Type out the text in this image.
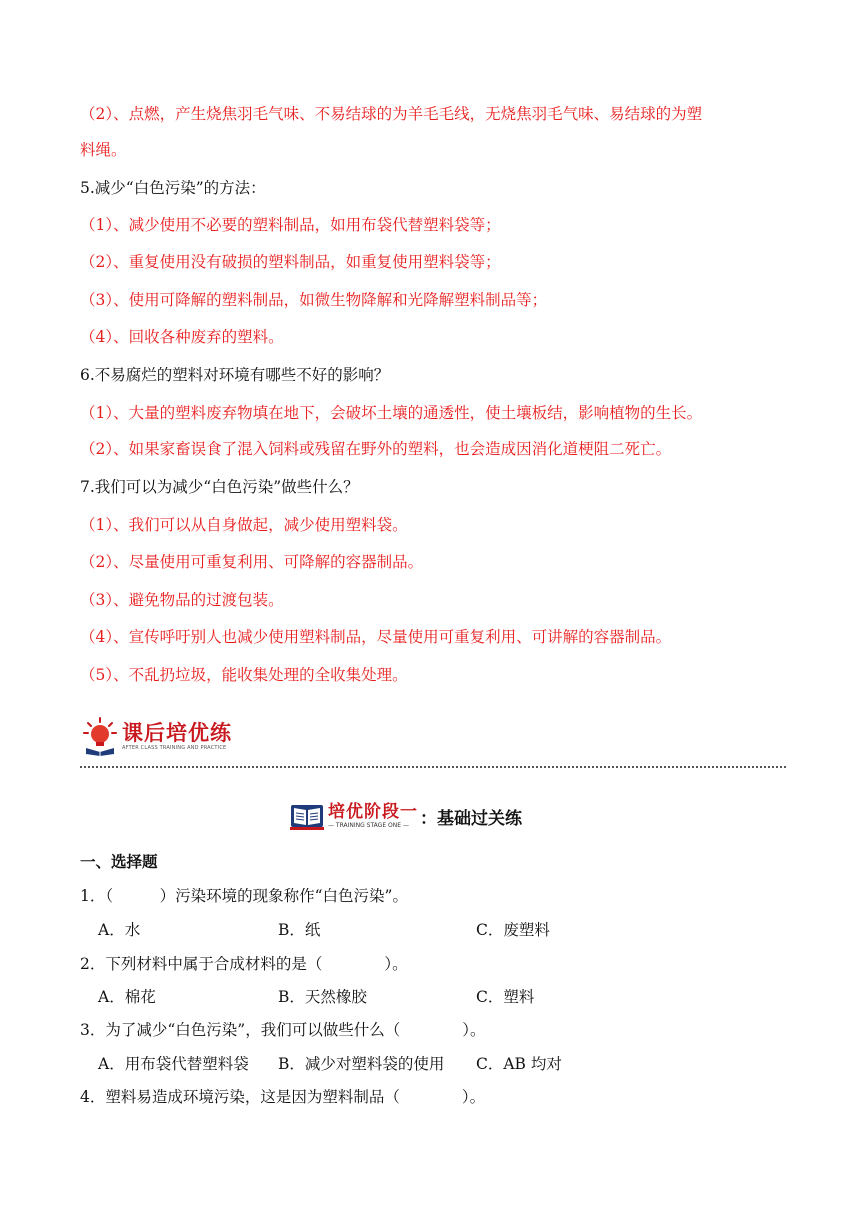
（2）、点燃，产生烧焦羽毛气味、不易结球的为羊毛毛线，无烧焦羽毛气味、易结球的为塑
料绳。
5.减少“白色污染”的方法：
（1）、减少使用不必要的塑料制品，如用布袋代替塑料袋等；
（2）、重复使用没有破损的塑料制品，如重复使用塑料袋等；
（3）、使用可降解的塑料制品，如微生物降解和光降解塑料制品等；
（4）、回收各种废弃的塑料。
6.不易腐烂的塑料对环境有哪些不好的影响？
（1）、大量的塑料废弃物填在地下，会破坏土壤的通透性，使土壤板结，影响植物的生长。
（2）、如果家畜误食了混入饲料或残留在野外的塑料，也会造成因消化道梗阻二死亡。
7.我们可以为减少“白色污染”做些什么？
（1）、我们可以从自身做起，减少使用塑料袋。
（2）、尽量使用可重复利用、可降解的容器制品。
（3）、避免物品的过渡包装。
（4）、宣传呼吁别人也减少使用塑料制品，尽量使用可重复利用、可讲解的容器制品。
（5）、不乱扔垃圾，能收集处理的全收集处理。
课后培优练
AFTER CLASS TRAINING AND PRACTICE
培优阶段一
— TRAINING STAGE ONE — ：基础过关练
一、选择题
1．（　　　）污染环境的现象称作“白色污染”。
A．水	B．纸	C．废塑料
2．下列材料中属于合成材料的是（　　　　）。
A．棉花	B．天然橡胶	C．塑料
3．为了减少“白色污染”，我们可以做些什么（　　　　）。
A．用布袋代替塑料袋 B．减少对塑料袋的使用 C．AB 均对
4．塑料易造成环境污染，这是因为塑料制品（　　　　）。
